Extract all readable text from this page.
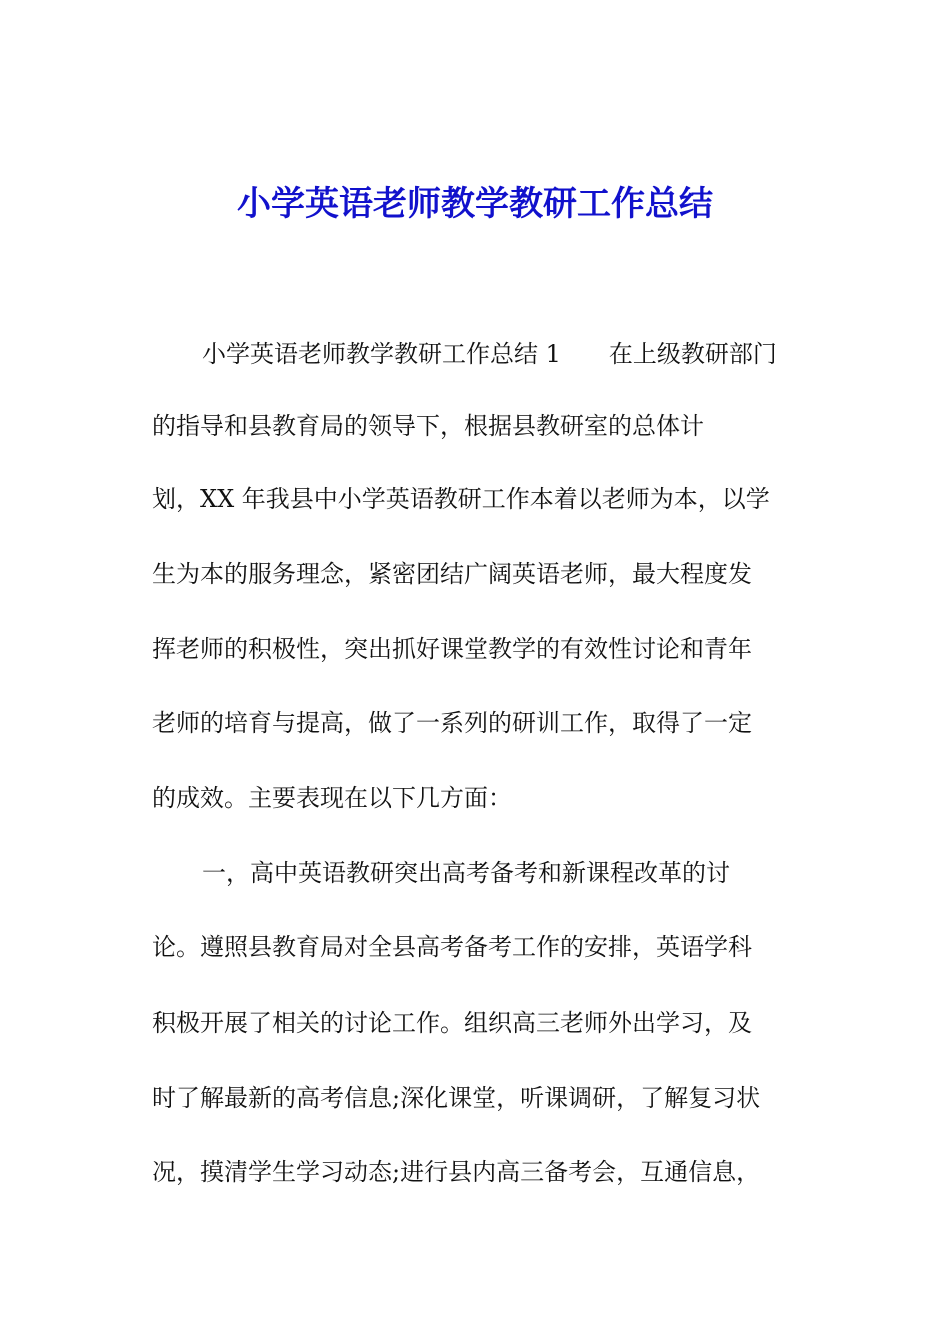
小学英语老师教学教研工作总结
小学英语老师教学教研工作总结 1 在上级教研部门
的指导和县教育局的领导下，根据县教研室的总体计
划，XX 年我县中小学英语教研工作本着以老师为本，以学
生为本的服务理念，紧密团结广阔英语老师，最大程度发
挥老师的积极性，突出抓好课堂教学的有效性讨论和青年
老师的培育与提高，做了一系列的研训工作，取得了一定
的成效。主要表现在以下几方面：
一，高中英语教研突出高考备考和新课程改革的讨
论。遵照县教育局对全县高考备考工作的安排，英语学科
积极开展了相关的讨论工作。组织高三老师外出学习，及
时了解最新的高考信息;深化课堂，听课调研，了解复习状
况，摸清学生学习动态;进行县内高三备考会，互通信息，
